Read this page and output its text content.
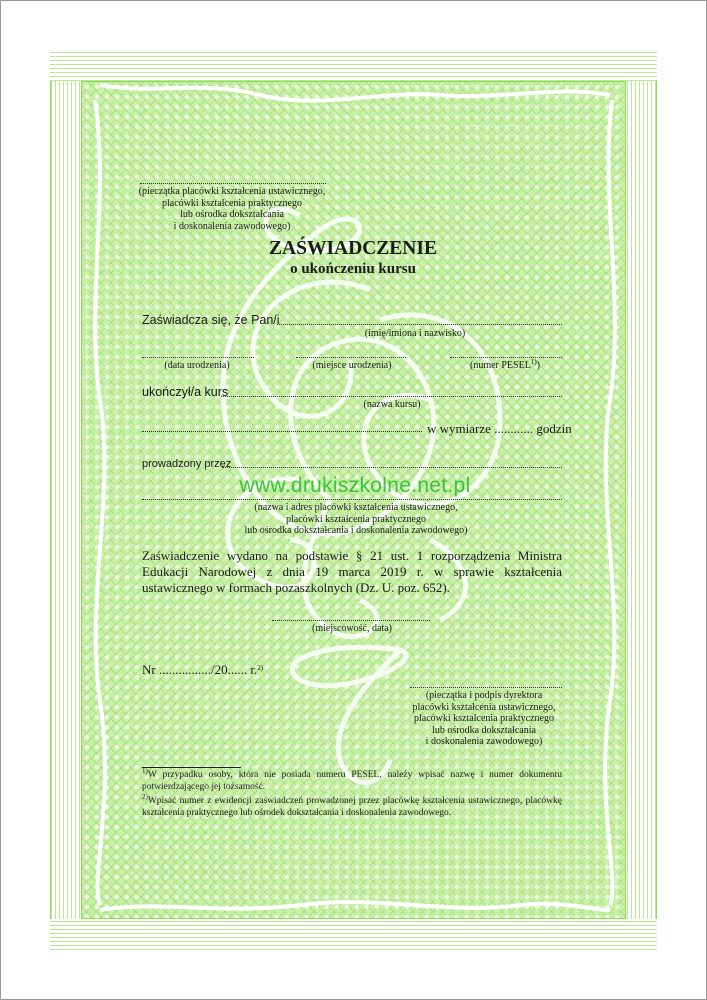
(pieczątka placówki kształcenia ustawicznego,
placówki kształcenia praktycznego
lub ośrodka dokształcania
i doskonalenia zawodowego)
ZAŚWIADCZENIE
o ukończeniu kursu
Zaświadcza się, że Pan/i
(imię/imiona i nazwisko)
(data urodzenia)	(miejsce urodzenia)	(numer PESEL$^{1)}$)
ukończył/a kurs
(nazwa kursu)
w wymiarze ............ godzin
prowadzony przez
www.drukiszkolne.net.pl
(nazwa i adres placówki kształcenia ustawicznego,
placówki kształcenia praktycznego
lub ośrodka dokształcania i doskonalenia zawodowego)
Zaświadczenie wydano na podstawie § 21 ust. 1 rozporządzenia Ministra Edukacji Narodowej z dnia 19 marca 2019 r. w sprawie kształcenia ustawicznego w formach pozaszkolnych (Dz. U. poz. 652).
(miejscowość, data)
Nr ................/20...... r.$^{2)}$
(pieczątka i podpis dyrektora
placówki kształcenia ustawicznego,
placówki kształcenia praktycznego
lub ośrodka dokształcania
i doskonalenia zawodowego)
$^{1)}$W przypadku osoby, która nie posiada numeru PESEL, należy wpisać nazwę i numer dokumentu potwierdzającego jej tożsamość.
$^{2)}$Wpisać numer z ewidencji zaświadczeń prowadzonej przez placówkę kształcenia ustawicznego, placówkę kształcenia praktycznego lub ośrodek dokształcania i doskonalenia zawodowego.
